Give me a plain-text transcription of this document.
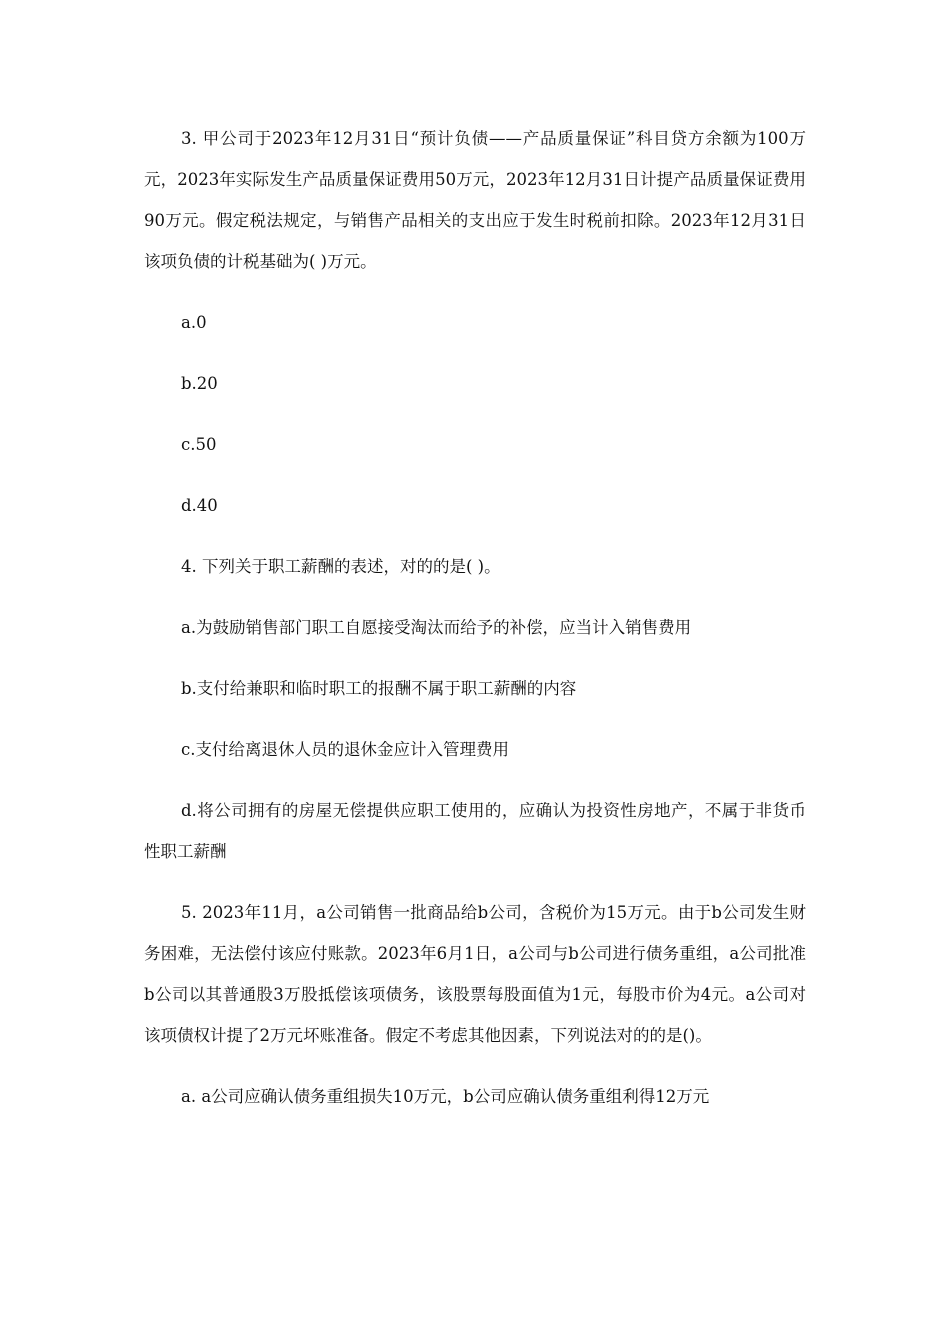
3. 甲公司于2023年12月31日“预计负债——产品质量保证”科目贷方余额为100万元，2023年实际发生产品质量保证费用50万元，2023年12月31日计提产品质量保证费用90万元。假定税法规定，与销售产品相关的支出应于发生时税前扣除。2023年12月31日该项负债的计税基础为( )万元。

a.0

b.20

c.50

d.40

4. 下列关于职工薪酬的表述，对的的是( )。

a.为鼓励销售部门职工自愿接受淘汰而给予的补偿，应当计入销售费用

b.支付给兼职和临时职工的报酬不属于职工薪酬的内容

c.支付给离退休人员的退休金应计入管理费用

d.将公司拥有的房屋无偿提供应职工使用的，应确认为投资性房地产，不属于非货币性职工薪酬

5. 2023年11月，a公司销售一批商品给b公司，含税价为15万元。由于b公司发生财务困难，无法偿付该应付账款。2023年6月1日，a公司与b公司进行债务重组，a公司批准b公司以其普通股3万股抵偿该项债务，该股票每股面值为1元，每股市价为4元。a公司对该项债权计提了2万元坏账准备。假定不考虑其他因素，下列说法对的的是()。

a. a公司应确认债务重组损失10万元，b公司应确认债务重组利得12万元
